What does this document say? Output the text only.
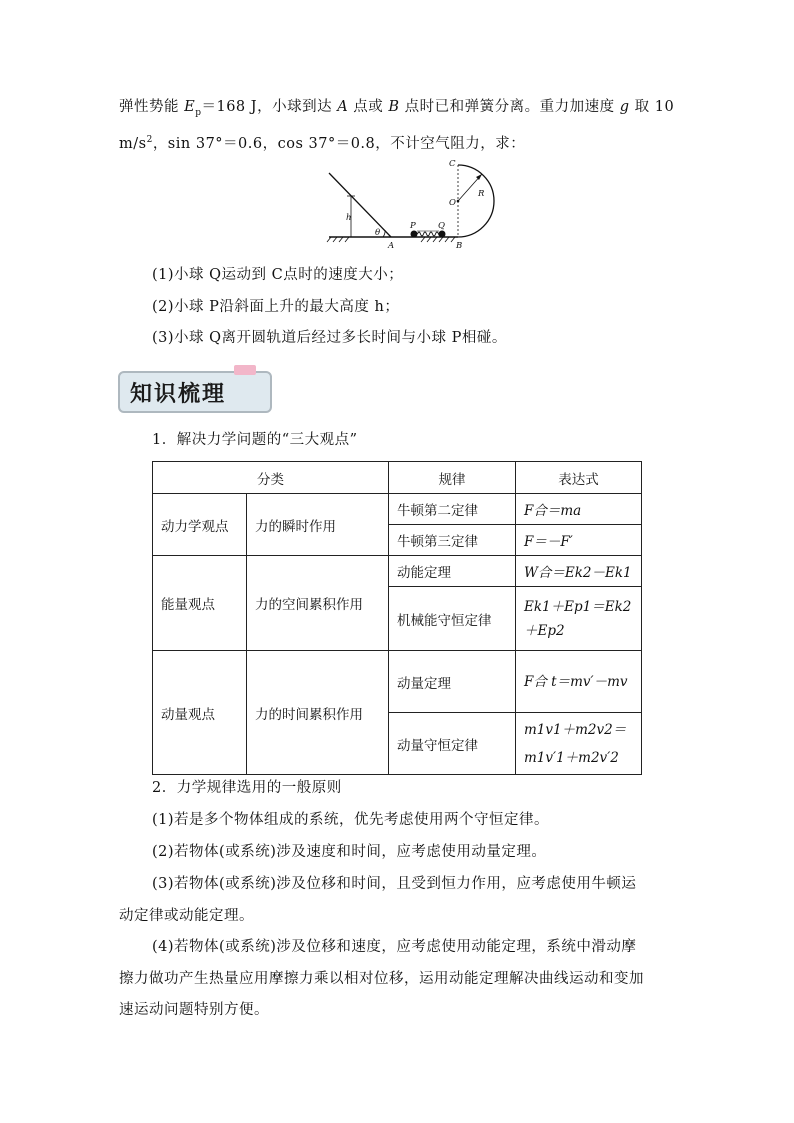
弹性势能 $E_p=168$ J，小球到达 A 点或 B 点时已和弹簧分离。重力加速度 g 取 10
$m/s^2$，sin 37°＝0.6，cos 37°＝0.8，不计空气阻力，求：
h
θ
A
P	Q
B
C
O
R
(1)小球 Q运动到 C点时的速度大小；
(2)小球 P沿斜面上升的最大高度 h；
(3)小球 Q离开圆轨道后经过多长时间与小球 P相碰。
知识梳理
1．解决力学问题的“三大观点”
分类		规律	表达式
动力学观点	力的瞬时作用	牛顿第二定律	F合＝ma
		牛顿第三定律	F＝－F′
能量观点	力的空间累积作用	动能定理	W合＝Ek2－Ek1
		机械能守恒定律	Ek1＋Ep1＝Ek2＋Ep2
动量观点	力的时间累积作用	动量定理	F合 t＝mv′－mv
		动量守恒定律	m1v1＋m2v2＝m1v′1＋m2v′2
2．力学规律选用的一般原则
(1)若是多个物体组成的系统，优先考虑使用两个守恒定律。
(2)若物体(或系统)涉及速度和时间，应考虑使用动量定理。
(3)若物体(或系统)涉及位移和时间，且受到恒力作用，应考虑使用牛顿运
动定律或动能定理。
(4)若物体(或系统)涉及位移和速度，应考虑使用动能定理，系统中滑动摩
擦力做功产生热量应用摩擦力乘以相对位移，运用动能定理解决曲线运动和变加
速运动问题特别方便。
